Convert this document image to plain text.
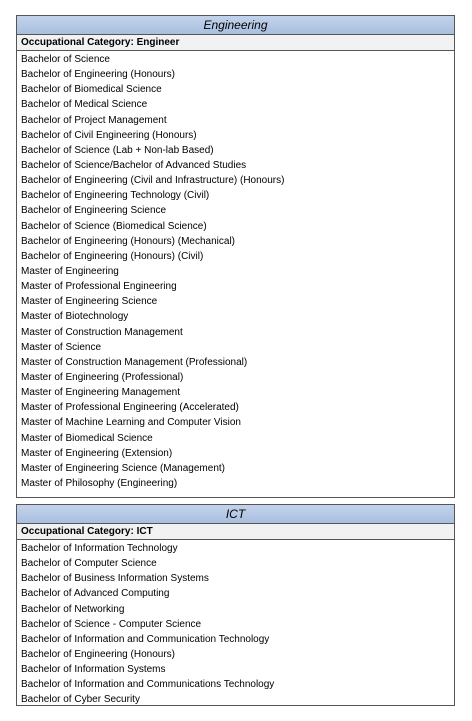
Engineering
Occupational Category: Engineer
Bachelor of Science
Bachelor of Engineering (Honours)
Bachelor of Biomedical Science
Bachelor of Medical Science
Bachelor of Project Management
Bachelor of Civil Engineering (Honours)
Bachelor of Science (Lab + Non-lab Based)
Bachelor of Science/Bachelor of Advanced Studies
Bachelor of Engineering (Civil and Infrastructure) (Honours)
Bachelor of Engineering Technology (Civil)
Bachelor of Engineering Science
Bachelor of Science (Biomedical Science)
Bachelor of Engineering (Honours) (Mechanical)
Bachelor of Engineering (Honours) (Civil)
Master of Engineering
Master of Professional Engineering
Master of Engineering Science
Master of Biotechnology
Master of Construction Management
Master of Science
Master of Construction Management (Professional)
Master of Engineering (Professional)
Master of Engineering Management
Master of Professional Engineering (Accelerated)
Master of Machine Learning and Computer Vision
Master of Biomedical Science
Master of Engineering (Extension)
Master of Engineering Science (Management)
Master of Philosophy (Engineering)
ICT
Occupational Category: ICT
Bachelor of Information Technology
Bachelor of Computer Science
Bachelor of Business Information Systems
Bachelor of Advanced Computing
Bachelor of Networking
Bachelor of Science - Computer Science
Bachelor of Information and Communication Technology
Bachelor of Engineering (Honours)
Bachelor of Information Systems
Bachelor of Information and Communications Technology
Bachelor of Cyber Security
